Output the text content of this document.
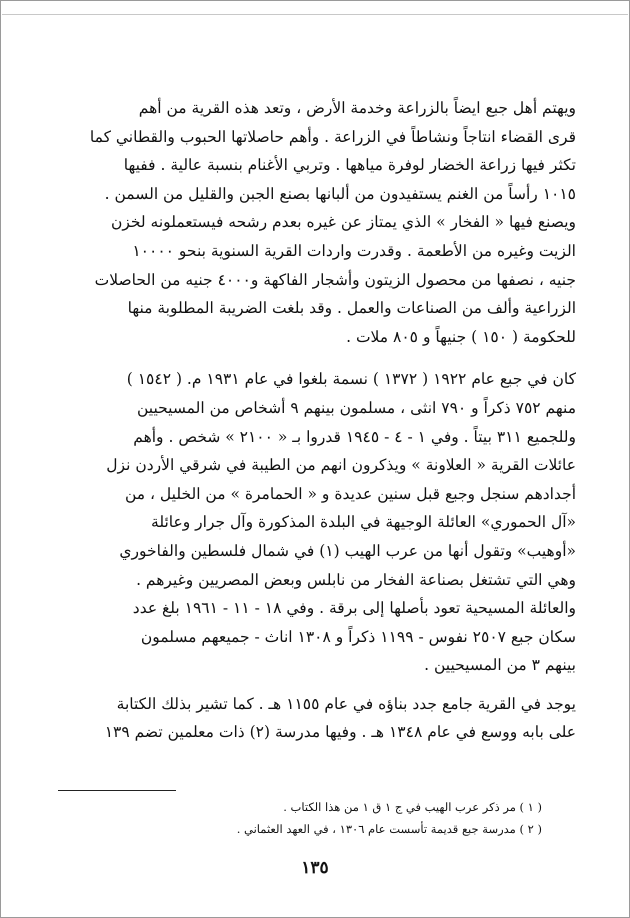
ويهتم أهل جبع ايضاً بالزراعة وخدمة الأرض ، وتعد هذه القرية من أهم
قرى القضاء انتاجاً ونشاطاً في الزراعة . وأهم حاصلاتها الحبوب والقطاني كما
تكثر فيها زراعة الخضار لوفرة مياهها . وتربي الأغنام بنسبة عالية . ففيها
١٠١٥ رأساً من الغنم يستفيدون من ألبانها بصنع الجبن والقليل من السمن .
ويصنع فيها « الفخار » الذي يمتاز عن غيره بعدم رشحه فيستعملونه لخزن
الزيت وغيره من الأطعمة . وقدرت واردات القرية السنوية بنحو ١٠٠٠٠
جنيه ، نصفها من محصول الزيتون وأشجار الفاكهة و٤٠٠٠ جنيه من الحاصلات
الزراعية وألف من الصناعات والعمل . وقد بلغت الضريبة المطلوبة منها
للحكومة ( ١٥٠ ) جنيهاً و ٨٠٥ ملات .

كان في جبع عام ١٩٢٢ ( ١٣٧٢ ) نسمة بلغوا في عام ١٩٣١ م. ( ١٥٤٢ )
منهم ٧٥٢ ذكراً و ٧٩٠ انثى ، مسلمون بينهم ٩ أشخاص من المسيحيين
وللجميع ٣١١ بيتاً . وفي ١ - ٤ - ١٩٤٥ قدروا بـ « ٢١٠٠ » شخص . وأهم
عائلات القرية « العلاونة » ويذكرون انهم من الطيبة في شرقي الأردن نزل
أجدادهم سنجل وجبع قبل سنين عديدة و « الحمامرة » من الخليل ، من
«آل الحموري» العائلة الوجيهة في البلدة المذكورة وآل جرار وعائلة
«أوهيب» وتقول أنها من عرب الهيب (١) في شمال فلسطين والفاخوري
وهي التي تشتغل بصناعة الفخار من نابلس وبعض المصريين وغيرهم .
والعائلة المسيحية تعود بأصلها إلى برقة . وفي ١٨ - ١١ - ١٩٦١ بلغ عدد
سكان جبع ٢٥٠٧ نفوس - ١١٩٩ ذكراً و ١٣٠٨ اناث - جميعهم مسلمون
بينهم ٣ من المسيحيين .

يوجد في القرية جامع جدد بناؤه في عام ١١٥٥ هـ . كما تشير بذلك الكتابة
على بابه ووسع في عام ١٣٤٨ هـ . وفيها مدرسة (٢) ذات معلمين تضم ١٣٩

( ١ ) مر ذكر عرب الهيب في ج ١ ق ١ من هذا الكتاب .
( ٢ ) مدرسة جبع قديمة تأسست عام ١٣٠٦ ، في العهد العثماني .
١٣٥
